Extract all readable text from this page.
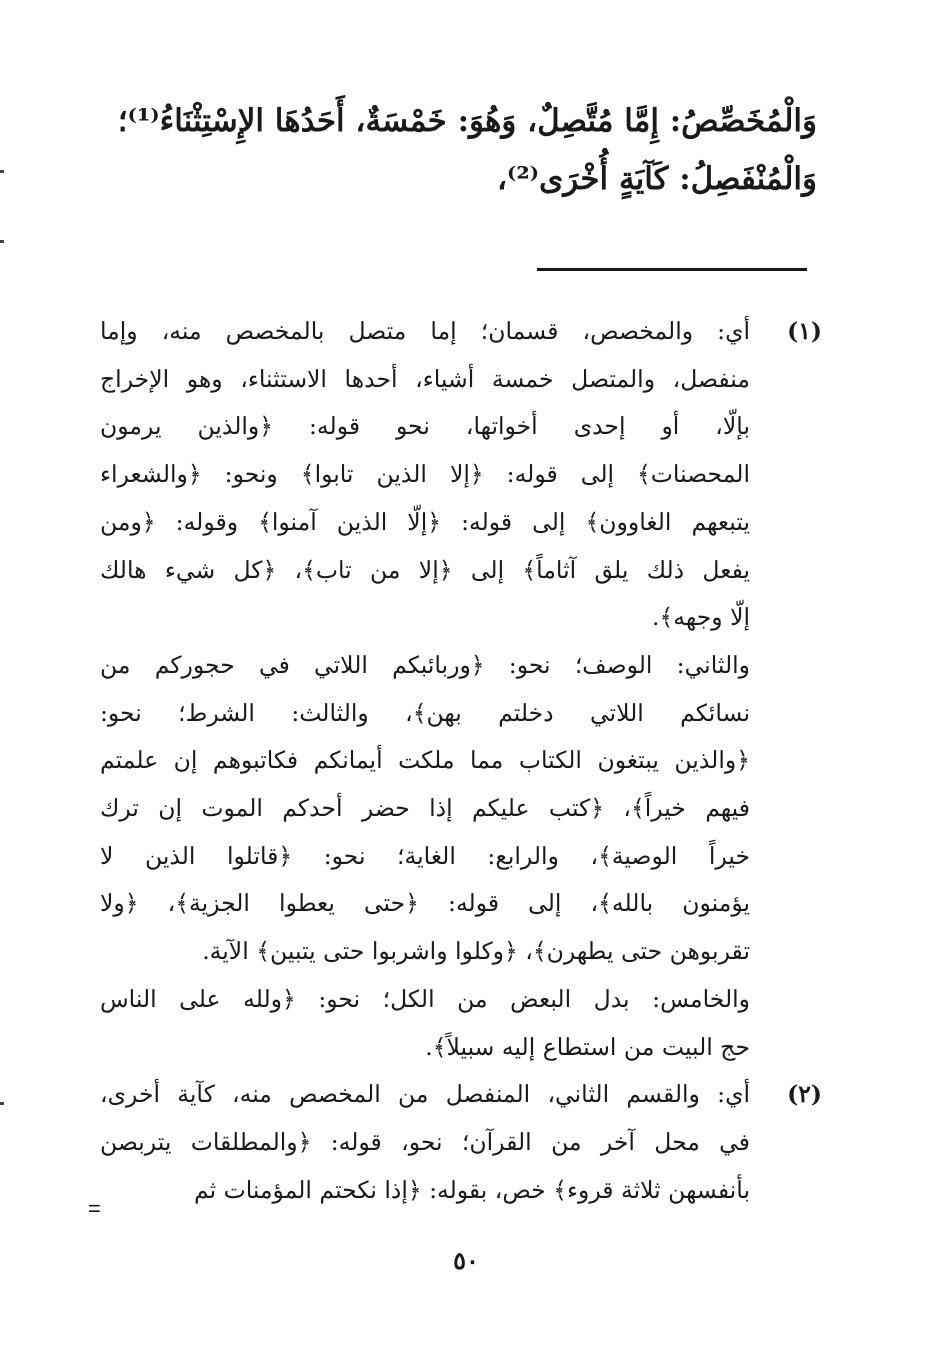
وَالْمُخَصِّصُ: إِمَّا مُتَّصِلٌ، وَهُوَ: خَمْسَةٌ، أَحَدُهَا الإِسْتِثْنَاءُ⁽¹⁾؛
وَالْمُنْفَصِلُ: كَآيَةٍ أُخْرَى⁽²⁾،
(١)
أي: والمخصص، قسمان؛ إما متصل بالمخصص منه، وإما
منفصل، والمتصل خمسة أشياء، أحدها الاستثناء، وهو الإخراج
بإلّا، أو إحدى أخواتها، نحو قوله: ﴿والذين يرمون
المحصنات﴾ إلى قوله: ﴿إلا الذين تابوا﴾ ونحو: ﴿والشعراء
يتبعهم الغاوون﴾ إلى قوله: ﴿إلّا الذين آمنوا﴾ وقوله: ﴿ومن
يفعل ذلك يلق آثاماً﴾ إلى ﴿إلا من تاب﴾، ﴿كل شيء هالك
إلّا وجهه﴾.
والثاني: الوصف؛ نحو: ﴿وربائبكم اللاتي في حجوركم من
نسائكم اللاتي دخلتم بهن﴾، والثالث: الشرط؛ نحو:
﴿والذين يبتغون الكتاب مما ملكت أيمانكم فكاتبوهم إن علمتم
فيهم خيراً﴾، ﴿كتب عليكم إذا حضر أحدكم الموت إن ترك
خيراً الوصية﴾، والرابع: الغاية؛ نحو: ﴿قاتلوا الذين لا
يؤمنون بالله﴾، إلى قوله: ﴿حتى يعطوا الجزية﴾، ﴿ولا
تقربوهن حتى يطهرن﴾، ﴿وكلوا واشربوا حتى يتبين﴾ الآية.
والخامس: بدل البعض من الكل؛ نحو: ﴿ولله على الناس
حج البيت من استطاع إليه سبيلاً﴾.
(٢)
أي: والقسم الثاني، المنفصل من المخصص منه، كآية أخرى،
في محل آخر من القرآن؛ نحو، قوله: ﴿والمطلقات يتربصن
بأنفسهن ثلاثة قروء﴾ خص، بقوله: ﴿إذا نكحتم المؤمنات ثم
=
٥٠
